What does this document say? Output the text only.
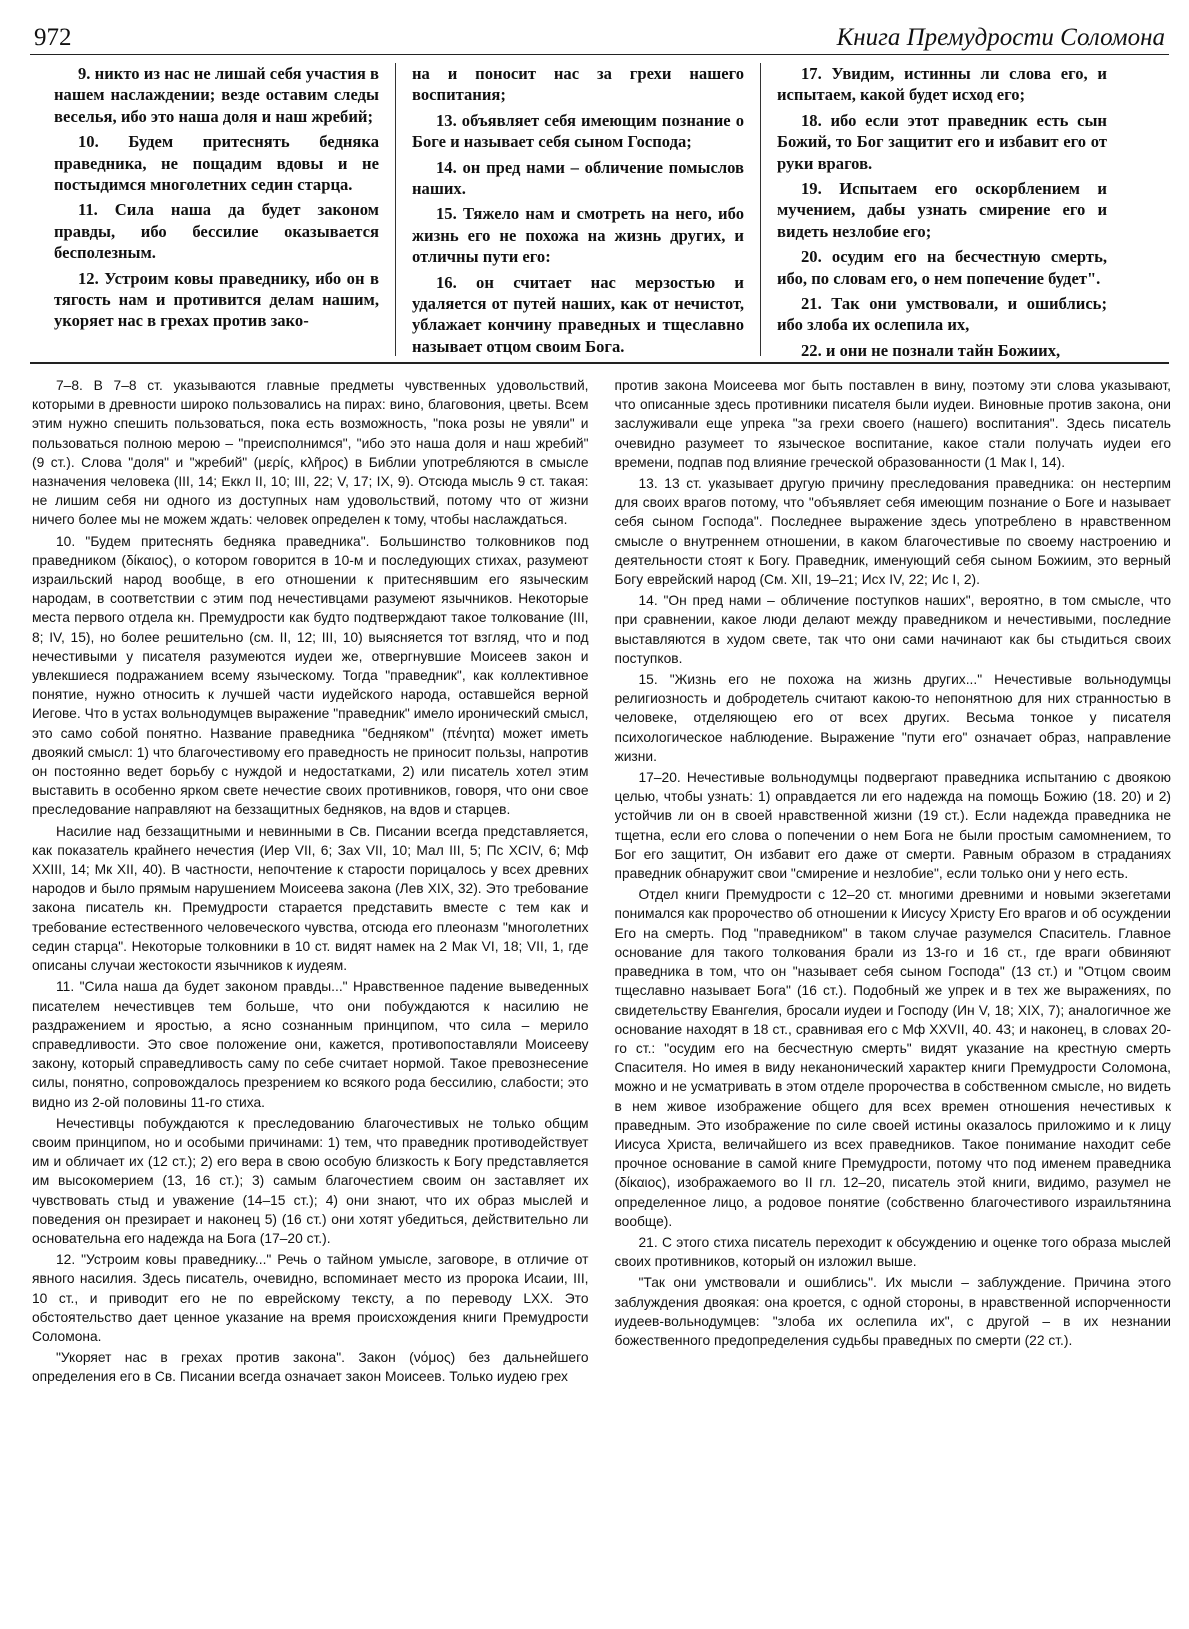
972	Книга Премудрости Соломона

9. никто из нас не лишай себя участия в нашем наслаждении; везде оставим следы веселья, ибо это наша доля и наш жребий;

10. Будем притеснять бедняка праведника, не пощадим вдовы и не постыдимся многолетних седин старца.

11. Сила наша да будет законом правды, ибо бессилие оказывается бесполезным.

12. Устроим ковы праведнику, ибо он в тягость нам и противится делам нашим, укоряет нас в грехах против зако-

на и поносит нас за грехи нашего воспитания;

13. объявляет себя имеющим познание о Боге и называет себя сыном Господа;

14. он пред нами – обличение помыслов наших.

15. Тяжело нам и смотреть на него, ибо жизнь его не похожа на жизнь других, и отличны пути его:

16. он считает нас мерзостью и удаляется от путей наших, как от нечистот, ублажает кончину праведных и тщеславно называет отцом своим Бога.

17. Увидим, истинны ли слова его, и испытаем, какой будет исход его;

18. ибо если этот праведник есть сын Божий, то Бог защитит его и избавит его от руки врагов.

19. Испытаем его оскорблением и мучением, дабы узнать смирение его и видеть незлобие его;

20. осудим его на бесчестную смерть, ибо, по словам его, о нем попечение будет".

21. Так они умствовали, и ошиблись; ибо злоба их ослепила их,

22. и они не познали тайн Божиих,

7–8. В 7–8 ст. указываются главные предметы чувственных удовольствий, которыми в древности широко пользовались на пирах: вино, благовония, цветы. Всем этим нужно спешить пользоваться, пока есть возможность, "пока розы не увяли" и пользоваться полною мерою – "преисполнимся", "ибо это наша доля и наш жребий" (9 ст.). Слова "доля" и "жребий" (μερίς, κλῆρος) в Библии употребляются в смысле назначения человека (III, 14; Еккл II, 10; III, 22; V, 17; IX, 9). Отсюда мысль 9 ст. такая: не лишим себя ни одного из доступных нам удовольствий, потому что от жизни ничего более мы не можем ждать: человек определен к тому, чтобы наслаждаться.

10. "Будем притеснять бедняка праведника". Большинство толковников под праведником (δίκαιος), о котором говорится в 10-м и последующих стихах, разумеют израильский народ вообще, в его отношении к притеснявшим его языческим народам, в соответствии с этим под нечестивцами разумеют язычников. Некоторые места первого отдела кн. Премудрости как будто подтверждают такое толкование (III, 8; IV, 15), но более решительно (см. II, 12; III, 10) выясняется тот взгляд, что и под нечестивыми у писателя разумеются иудеи же, отвергнувшие Моисеев закон и увлекшиеся подражанием всему языческому. Тогда "праведник", как коллективное понятие, нужно относить к лучшей части иудейского народа, оставшейся верной Иегове. Что в устах вольнодумцев выражение "праведник" имело иронический смысл, это само собой понятно. Название праведника "бедняком" (πένητα) может иметь двоякий смысл: 1) что благочестивому его праведность не приносит пользы, напротив он постоянно ведет борьбу с нуждой и недостатками, 2) или писатель хотел этим выставить в особенно ярком свете нечестие своих противников, говоря, что они свое преследование направляют на беззащитных бедняков, на вдов и старцев.

Насилие над беззащитными и невинными в Св. Писании всегда представляется, как показатель крайнего нечестия (Иер VII, 6; Зах VII, 10; Мал III, 5; Пс XCIV, 6; Мф XXIII, 14; Мк XII, 40). В частности, непочтение к старости порицалось у всех древних народов и было прямым нарушением Моисеева закона (Лев XIX, 32). Это требование закона писатель кн. Премудрости старается представить вместе с тем как и требование естественного человеческого чувства, отсюда его плеоназм "многолетних седин старца". Некоторые толковники в 10 ст. видят намек на 2 Мак VI, 18; VII, 1, где описаны случаи жестокости язычников к иудеям.

11. "Сила наша да будет законом правды..." Нравственное падение выведенных писателем нечестивцев тем больше, что они побуждаются к насилию не раздражением и яростью, а ясно сознанным принципом, что сила – мерило справедливости. Это свое положение они, кажется, противопоставляли Моисееву закону, который справедливость саму по себе считает нормой. Такое превознесение силы, понятно, сопровождалось презрением ко всякого рода бессилию, слабости; это видно из 2-ой половины 11-го стиха.

Нечестивцы побуждаются к преследованию благочестивых не только общим своим принципом, но и особыми причинами: 1) тем, что праведник противодействует им и обличает их (12 ст.); 2) его вера в свою особую близкость к Богу представляется им высокомерием (13, 16 ст.); 3) самым благочестием своим он заставляет их чувствовать стыд и уважение (14–15 ст.); 4) они знают, что их образ мыслей и поведения он презирает и наконец 5) (16 ст.) они хотят убедиться, действительно ли основательна его надежда на Бога (17–20 ст.).

12. "Устроим ковы праведнику..." Речь о тайном умысле, заговоре, в отличие от явного насилия. Здесь писатель, очевидно, вспоминает место из пророка Исаии, III, 10 ст., и приводит его не по еврейскому тексту, а по переводу LXX. Это обстоятельство дает ценное указание на время происхождения книги Премудрости Соломона.

"Укоряет нас в грехах против закона". Закон (νόμος) без дальнейшего определения его в Св. Писании всегда означает закон Моисеев. Только иудею грех

против закона Моисеева мог быть поставлен в вину, поэтому эти слова указывают, что описанные здесь противники писателя были иудеи. Виновные против закона, они заслуживали еще упрека "за грехи своего (нашего) воспитания". Здесь писатель очевидно разумеет то языческое воспитание, какое стали получать иудеи его времени, подпав под влияние греческой образованности (1 Мак I, 14).

13. 13 ст. указывает другую причину преследования праведника: он нестерпим для своих врагов потому, что "объявляет себя имеющим познание о Боге и называет себя сыном Господа". Последнее выражение здесь употреблено в нравственном смысле о внутреннем отношении, в каком благочестивые по своему настроению и деятельности стоят к Богу. Праведник, именующий себя сыном Божиим, это верный Богу еврейский народ (См. XII, 19–21; Исх IV, 22; Ис I, 2).

14. "Он пред нами – обличение поступков наших", вероятно, в том смысле, что при сравнении, какое люди делают между праведником и нечестивыми, последние выставляются в худом свете, так что они сами начинают как бы стыдиться своих поступков.

15. "Жизнь его не похожа на жизнь других..." Нечестивые вольнодумцы религиозность и добродетель считают какою-то непонятною для них странностью в человеке, отделяющею его от всех других. Весьма тонкое у писателя психологическое наблюдение. Выражение "пути его" означает образ, направление жизни.

17–20. Нечестивые вольнодумцы подвергают праведника испытанию с двоякою целью, чтобы узнать: 1) оправдается ли его надежда на помощь Божию (18. 20) и 2) устойчив ли он в своей нравственной жизни (19 ст.). Если надежда праведника не тщетна, если его слова о попечении о нем Бога не были простым самомнением, то Бог его защитит, Он избавит его даже от смерти. Равным образом в страданиях праведник обнаружит свои "смирение и незлобие", если только они у него есть.

Отдел книги Премудрости с 12–20 ст. многими древними и новыми экзегетами понимался как пророчество об отношении к Иисусу Христу Его врагов и об осуждении Его на смерть. Под "праведником" в таком случае разумелся Спаситель. Главное основание для такого толкования брали из 13-го и 16 ст., где враги обвиняют праведника в том, что он "называет себя сыном Господа" (13 ст.) и "Отцом своим тщеславно называет Бога" (16 ст.). Подобный же упрек и в тех же выражениях, по свидетельству Евангелия, бросали иудеи и Господу (Ин V, 18; XIX, 7); аналогичное же основание находят в 18 ст., сравнивая его с Мф XXVII, 40. 43; и наконец, в словах 20-го ст.: "осудим его на бесчестную смерть" видят указание на крестную смерть Спасителя. Но имея в виду неканонический характер книги Премудрости Соломона, можно и не усматривать в этом отделе пророчества в собственном смысле, но видеть в нем живое изображение общего для всех времен отношения нечестивых к праведным. Это изображение по силе своей истины оказалось приложимо и к лицу Иисуса Христа, величайшего из всех праведников. Такое понимание находит себе прочное основание в самой книге Премудрости, потому что под именем праведника (δίκαιος), изображаемого во II гл. 12–20, писатель этой книги, видимо, разумел не определенное лицо, а родовое понятие (собственно благочестивого израильтянина вообще).

21. С этого стиха писатель переходит к обсуждению и оценке того образа мыслей своих противников, который он изложил выше.

"Так они умствовали и ошиблись". Их мысли – заблуждение. Причина этого заблуждения двоякая: она кроется, с одной стороны, в нравственной испорченности иудеев-вольнодумцев: "злоба их ослепила их", с другой – в их незнании божественного предопределения судьбы праведных по смерти (22 ст.).
